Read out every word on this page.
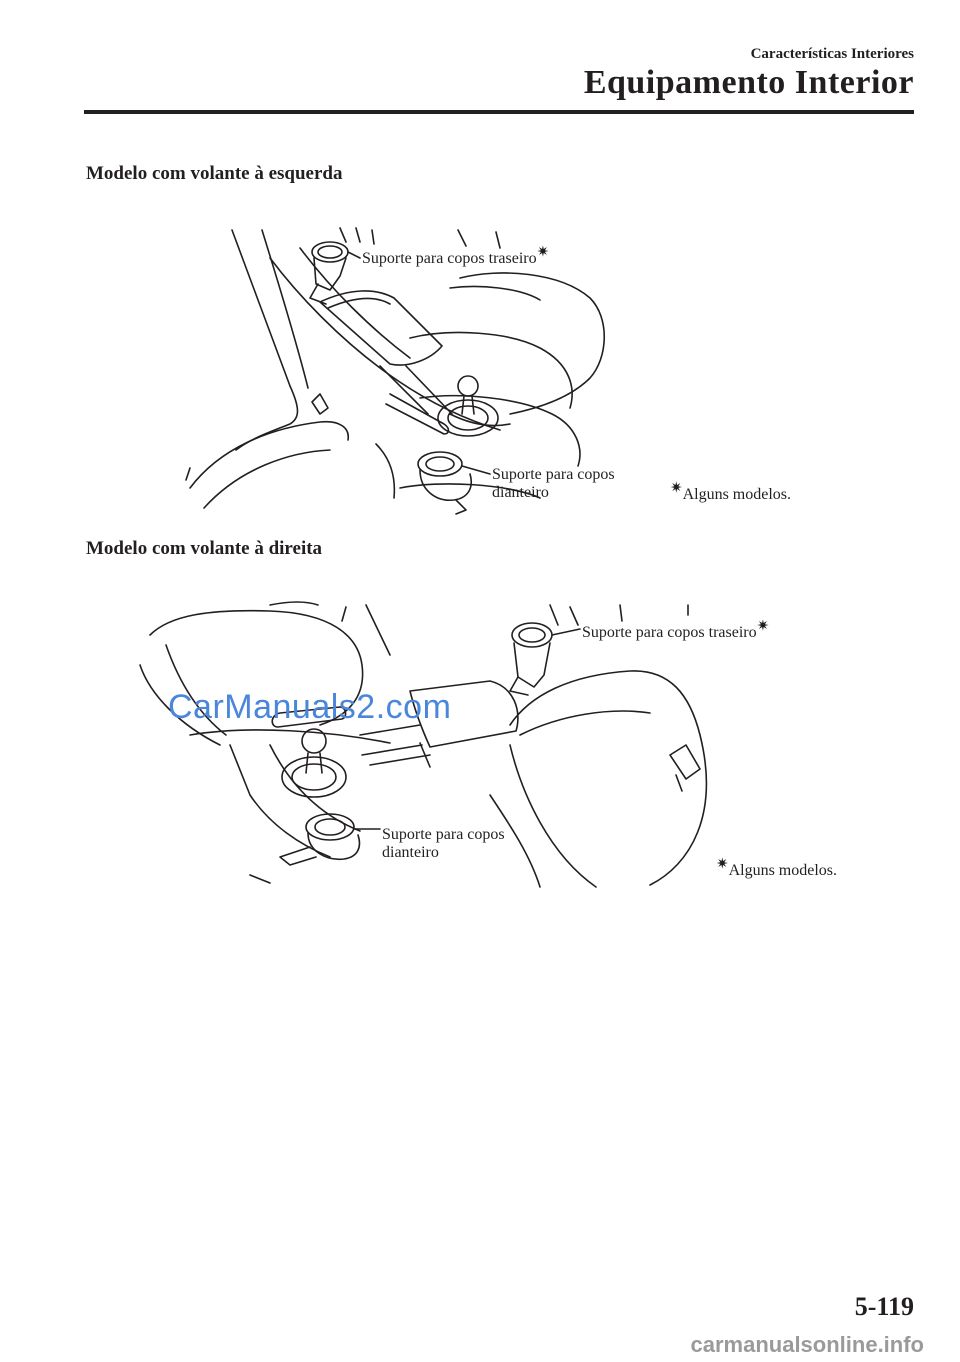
Características Interiores
Equipamento Interior
Modelo com volante à esquerda
Suporte para copos traseiro✷
Suporte para copos
dianteiro	✷Alguns modelos.
Modelo com volante à direita
CarManuals2.com
Suporte para copos traseiro✷
Suporte para copos
dianteiro
✷Alguns modelos.
5-119
carmanualsonline.info
